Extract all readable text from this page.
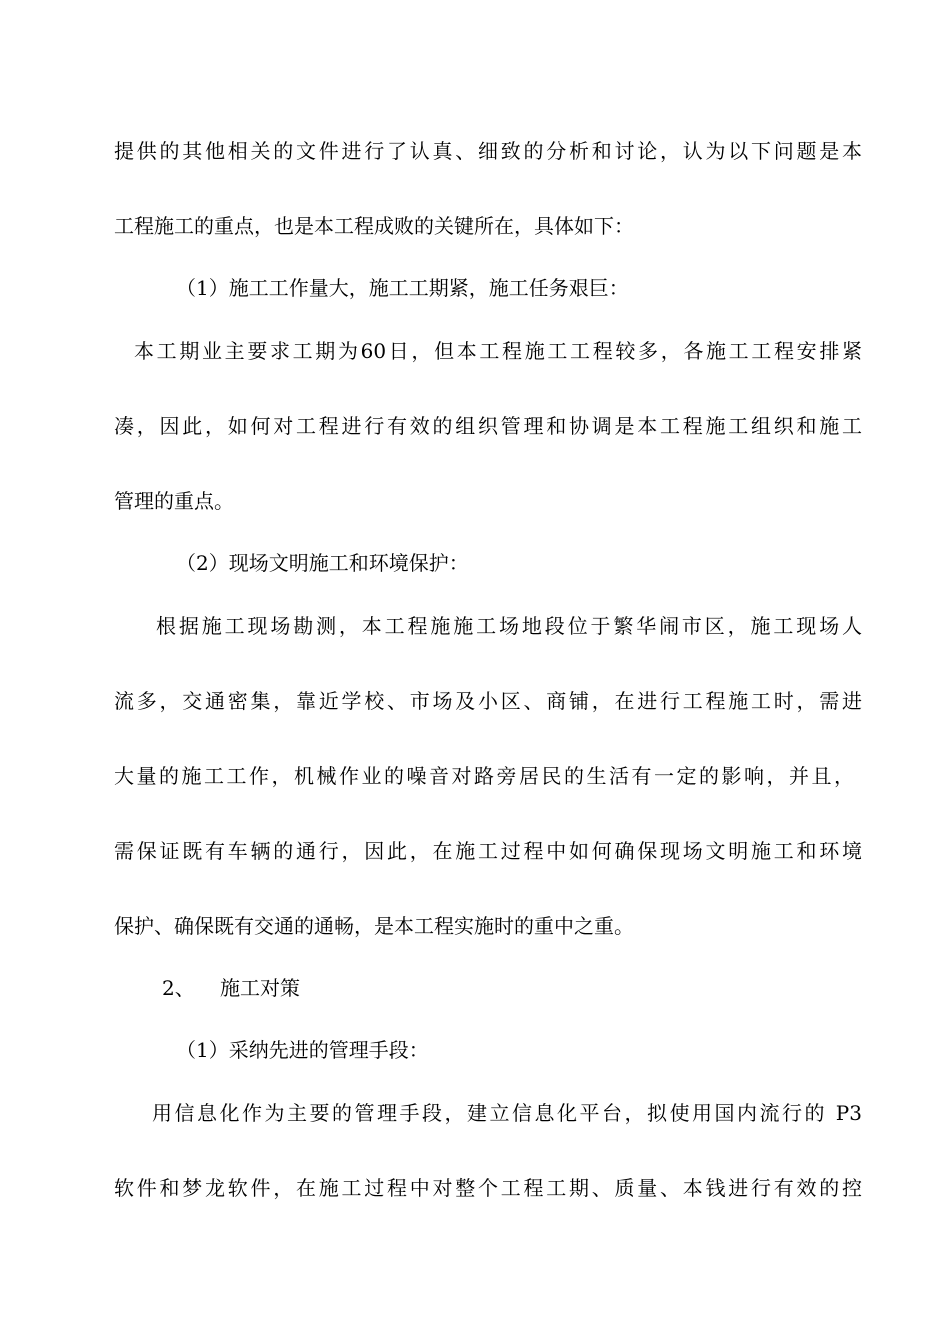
提供的其他相关的文件进行了认真、细致的分析和讨论，认为以下问题是本
工程施工的重点，也是本工程成败的关键所在，具体如下：
（1）施工工作量大，施工工期紧，施工任务艰巨：
本工期业主要求工期为60日，但本工程施工工程较多，各施工工程安排紧
凑，因此，如何对工程进行有效的组织管理和协调是本工程施工组织和施工
管理的重点。
（2）现场文明施工和环境保护：
根据施工现场勘测，本工程施施工场地段位于繁华闹市区，施工现场人
流多，交通密集，靠近学校、市场及小区、商铺，在进行工程施工时，需进
大量的施工工作，机械作业的噪音对路旁居民的生活有一定的影响，并且，
需保证既有车辆的通行，因此，在施工过程中如何确保现场文明施工和环境
保护、确保既有交通的通畅，是本工程实施时的重中之重。
2、 施工对策
（1）采纳先进的管理手段：
用信息化作为主要的管理手段，建立信息化平台，拟使用国内流行的 P3
软件和梦龙软件，在施工过程中对整个工程工期、质量、本钱进行有效的控
